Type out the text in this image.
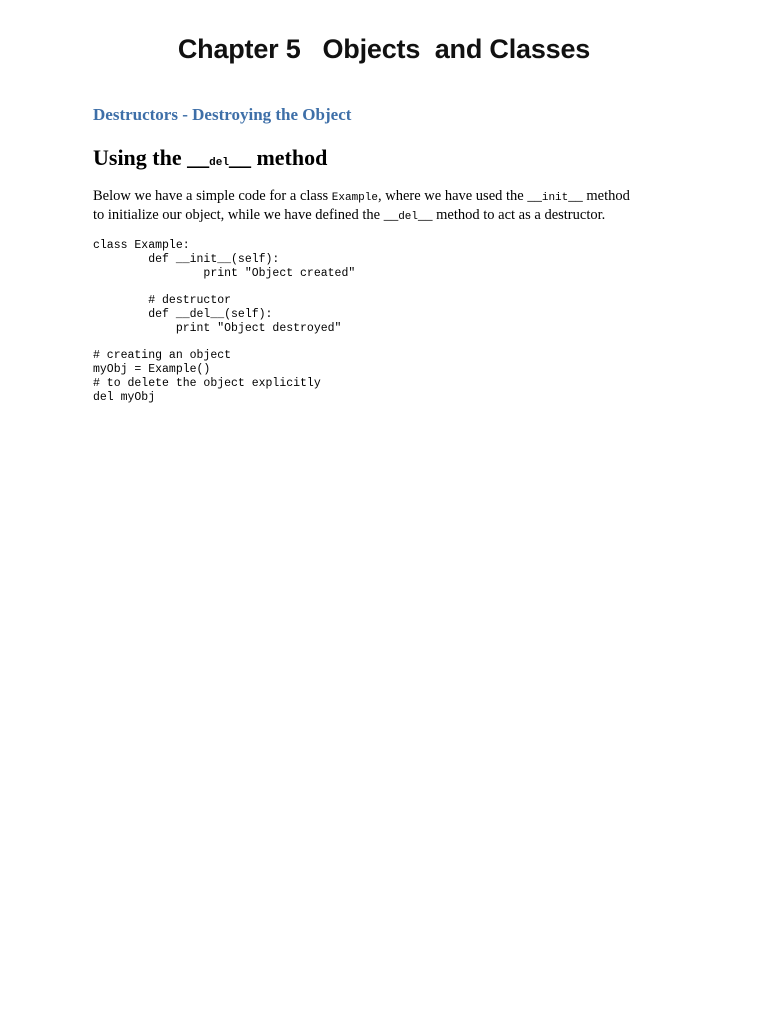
Chapter 5   Objects  and Classes
Destructors - Destroying the Object
Using the __del__ method
Below we have a simple code for a class Example, where we have used the __init__ method
to initialize our object, while we have defined the __del__ method to act as a destructor.
class Example:
def __init__(self):
print "Object created"
# destructor
def __del__(self):
print "Object destroyed"
# creating an object
myObj = Example()
# to delete the object explicitly
del myObj
